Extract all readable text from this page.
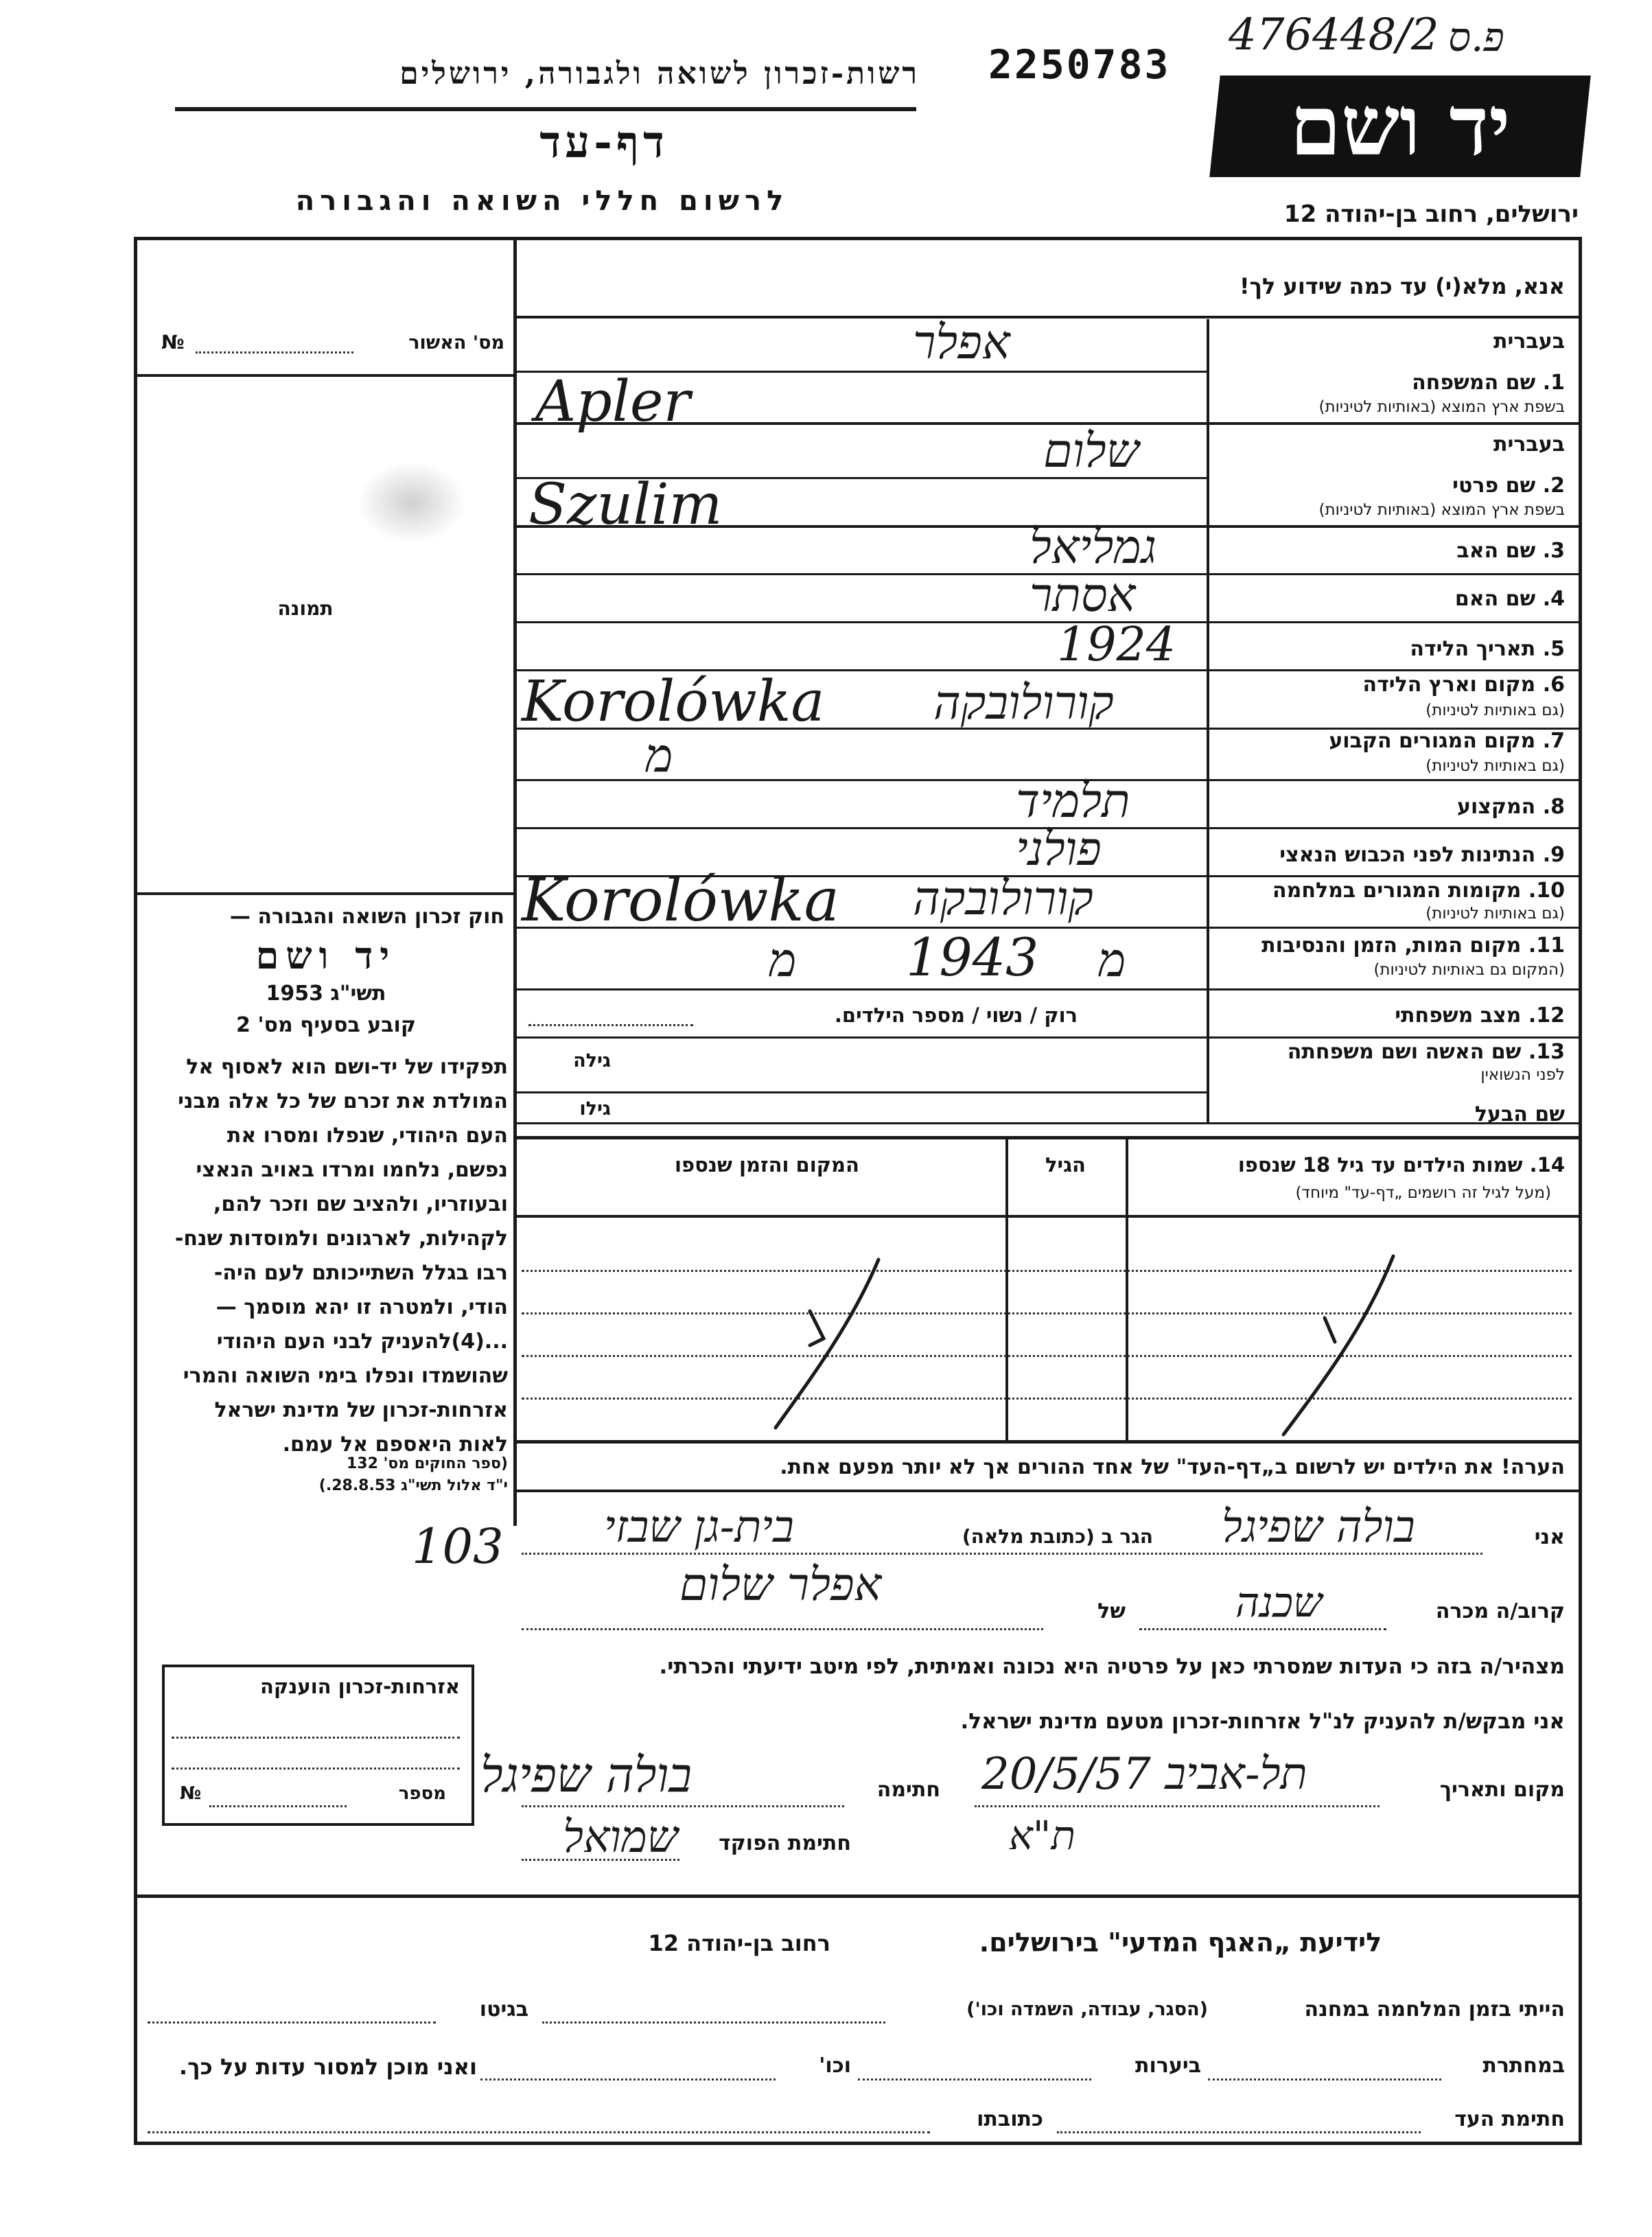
רשות-זכרון לשואה ולגבורה, ירושלים 2250783
476448/2 פ.ס
יד ושם
דף-עד
לרשום חללי השואה והגבורה	ירושלים, רחוב בן-יהודה 12
אנא, מלא(י) עד כמה שידוע לך!
מס' האשור
№
תמונה
חוק זכרון השואה והגבורה —
יד ושם
תשי"ג 1953
קובע בסעיף מס' 2
תפקידו של יד-ושם הוא לאסוף אל
המולדת את זכרם של כל אלה מבני
העם היהודי, שנפלו ומסרו את
נפשם, נלחמו ומרדו באויב הנאצי
ובעוזריו, ולהציב שם וזכר להם,
לקהילות, לארגונים ולמוסדות שנח-
רבו בגלל השתייכותם לעם היה-
הודי, ולמטרה זו יהא מוסמך —
...(4)להעניק לבני העם היהודי
שהושמדו ונפלו בימי השואה והמרי
אזרחות-זכרון של מדינת ישראל
לאות היאספם אל עמם.
(ספר החוקים מס' 132
י"ד אלול תשי"ג 28.8.53.)
אזרחות-זכרון הוענקה
מספר
№
בעברית
1. שם המשפחה
בשפת ארץ המוצא (באותיות לטיניות)
אפלר
Apler
בעברית
2. שם פרטי
בשפת ארץ המוצא (באותיות לטיניות)
שלום
Szulim
3. שם האב
גמליאל
4. שם האם
אסתר
5. תאריך הלידה
1924
6. מקום וארץ הלידה
(גם באותיות לטיניות)
Korolówka קורולובקה
7. מקום המגורים הקבוע
(גם באותיות לטיניות)
מ
8. המקצוע
תלמיד
9. הנתינות לפני הכבוש הנאצי
פולני
10. מקומות המגורים במלחמה
(גם באותיות לטיניות)
Korolówka קורולובקה
11. מקום המות, הזמן והנסיבות
(המקום גם באותיות לטיניות)
מ
1943
מ
12. מצב משפחתי
רוק / נשוי / מספר הילדים.
13. שם האשה ושם משפחתה
לפני הנשואין
גילה
שם הבעל
גילו
14. שמות הילדים עד גיל 18 שנספו
(מעל לגיל זה רושמים „דף-עד" מיוחד)
הגיל
המקום והזמן שנספו
הערה! את הילדים יש לרשום ב„דף-העד" של אחד ההורים אך לא יותר מפעם אחת.
אני
בולה שפיגל
הגר ב (כתובת מלאה)
בית-גן שבזי
103
קרוב/ה מכרה
שכנה
של
אפלר שלום
מצהיר/ה בזה כי העדות שמסרתי כאן על פרטיה היא נכונה ואמיתית, לפי מיטב ידיעתי והכרתי.
אני מבקש/ת להעניק לנ"ל אזרחות-זכרון מטעם מדינת ישראל.
מקום ותאריך
תל-אביב 20/5/57
ת"א
חתימה
בולה שפיגל
חתימת הפוקד
שמואל
לידיעת „האגף המדעי" בירושלים.
רחוב בן-יהודה 12
הייתי בזמן המלחמה במחנה
(הסגר, עבודה, השמדה וכו')
בגיטו
במחתרת
ביערות
וכו'
ואני מוכן למסור עדות על כך.
חתימת העד
כתובתו
